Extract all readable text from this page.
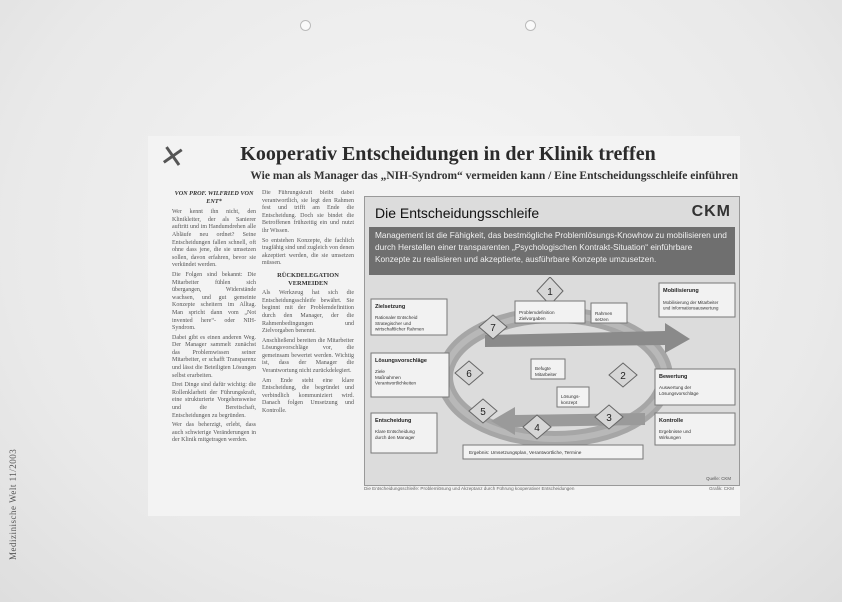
Medizinische Welt 11/2003
✕	Kooperativ Entscheidungen in der Klinik treffen
Wie man als Manager das „NIH-Syndrom“ vermeiden kann / Eine Entscheidungsschleife einführen
VON PROF. WILFRIED VON ENT*

Wer kennt ihn nicht, den Klinikleiter, der als Sanierer auftritt und im Handumdrehen alle Abläufe neu ordnet? Seine Entscheidungen fallen schnell, oft ohne dass jene, die sie umsetzen sollen, davon erfahren, bevor sie verkündet werden.

Die Folgen sind bekannt: Die Mitarbeiter fühlen sich übergangen, Widerstände wachsen, und gut gemeinte Konzepte scheitern im Alltag. Man spricht dann vom „Not invented here“- oder NIH-Syndrom.

Dabei gibt es einen anderen Weg. Der Manager sammelt zunächst das Problemwissen seiner Mitarbeiter, er schafft Transparenz und lässt die Beteiligten Lösungen selbst erarbeiten.

Drei Dinge sind dafür wichtig: die Rollenklarheit der Führungskraft, eine strukturierte Vorgehensweise und die Bereitschaft, Entscheidungen zu begründen.

Wer das beherzigt, erlebt, dass auch schwierige Veränderungen in der Klinik mitgetragen werden.

Die Führungskraft bleibt dabei verantwortlich, sie legt den Rahmen fest und trifft am Ende die Entscheidung. Doch sie bindet die Betroffenen frühzeitig ein und nutzt ihr Wissen.

So entstehen Konzepte, die fachlich tragfähig sind und zugleich von denen akzeptiert werden, die sie umsetzen müssen.

RÜCKDELEGATION VERMEIDEN

Als Werkzeug hat sich die Entscheidungsschleife bewährt. Sie beginnt mit der Problemdefinition durch den Manager, der die Rahmenbedingungen und Zielvorgaben benennt.

Anschließend bereiten die Mitarbeiter Lösungsvorschläge vor, die gemeinsam bewertet werden. Wichtig ist, dass der Manager die Verantwortung nicht zurückdelegiert.

Am Ende steht eine klare Entscheidung, die begründet und verbindlich kommuniziert wird. Danach folgen Umsetzung und Kontrolle.

Die Entscheidungsschleife	CKM
Management ist die Fähigkeit, das bestmögliche Problemlösungs-Knowhow zu mobilisieren und durch Herstellen einer transparenten „Psychologischen Kontrakt-Situation“ einführbare Konzepte zu realisieren und akzeptierte, ausführbare Konzepte umzusetzen.
1
2
3
4
5
6
7
Zielsetzung
Rationaler Entscheid Strategischer und wirtschaftlicher Rahmen
Problemdefinition Zielvorgaben
Rahmen setzen
Mobilisierung
Mobilisierung der Mitarbeiter und Informationsauswertung
Lösungsvorschläge
Ziele Maßnahmen Verantwortlichkeiten
Befugte Mitarbeiter
Lösungs-konzept
Bewertung
Auswertung der Lösungsvorschläge
Kontrolle
Ergebnisse und Wirkungen
Entscheidung
Klare Entscheidung durch den Manager
Ergebnis: Umsetzungsplan, Verantwortliche, Termine
Quelle: CKM
Die Entscheidungsschleife: Problemlösung und Akzeptanz durch Führung kooperativer Entscheidungen	Grafik: CKM
